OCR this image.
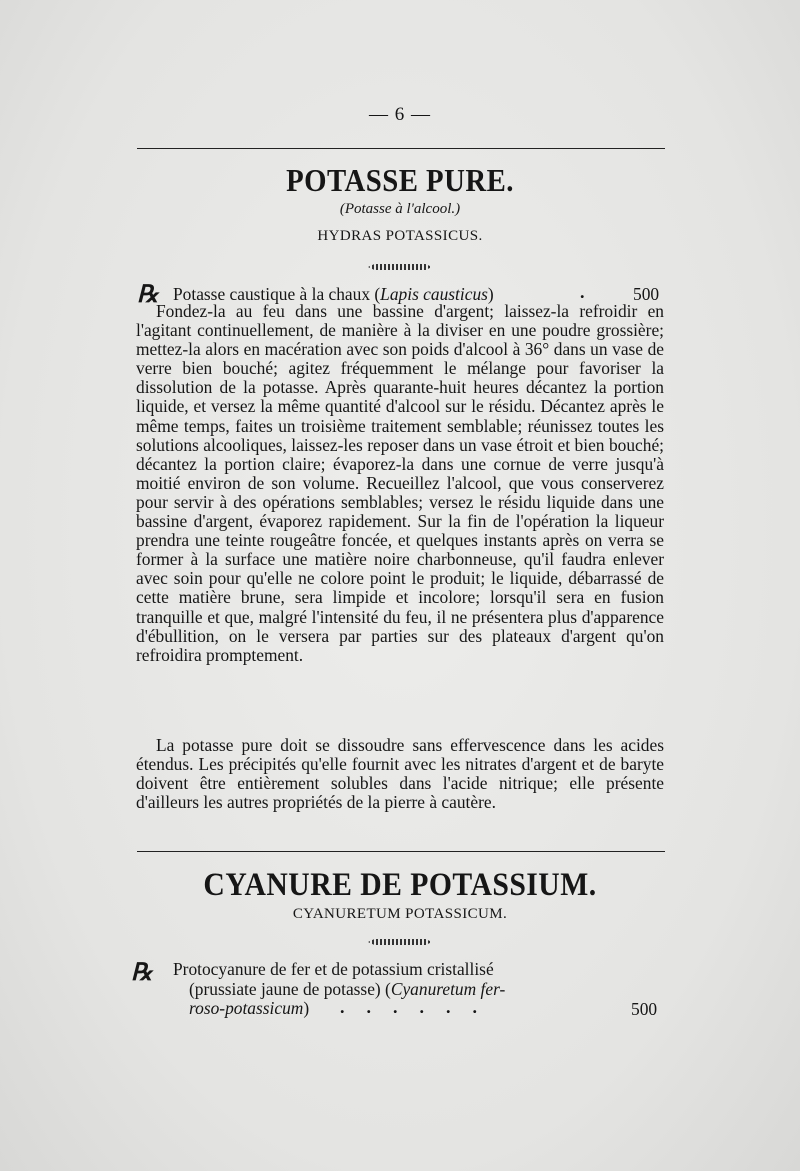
— 6 —
POTASSE PURE.
(Potasse à l'alcool.)
HYDRAS POTASSICUS.
℞ Potasse caustique à la chaux (Lapis causticus)	.	500
Fondez-la au feu dans une bassine d'argent; laissez-la refroidir en l'agitant continuellement, de manière à la diviser en une poudre grossière; mettez-la alors en macération avec son poids d'alcool à 36° dans un vase de verre bien bouché; agitez fréquemment le mélange pour favoriser la dissolution de la potasse. Après quarante-huit heures décantez la portion liquide, et versez la même quantité d'alcool sur le résidu. Décantez après le même temps, faites un troisième traitement semblable; réunissez toutes les solutions alcooliques, laissez-les reposer dans un vase étroit et bien bouché; décantez la portion claire; évaporez-la dans une cornue de verre jusqu'à moitié environ de son volume. Recueillez l'alcool, que vous conserverez pour servir à des opérations semblables; versez le résidu liquide dans une bassine d'argent, évaporez rapidement. Sur la fin de l'opération la liqueur prendra une teinte rougeâtre foncée, et quelques instants après on verra se former à la surface une matière noire charbonneuse, qu'il faudra enlever avec soin pour qu'elle ne colore point le produit; le liquide, débarrassé de cette matière brune, sera limpide et incolore; lorsqu'il sera en fusion tranquille et que, malgré l'intensité du feu, il ne présentera plus d'apparence d'ébullition, on le versera par parties sur des plateaux d'argent qu'on refroidira promptement.
La potasse pure doit se dissoudre sans effervescence dans les acides étendus. Les précipités qu'elle fournit avec les nitrates d'argent et de baryte doivent être entièrement solubles dans l'acide nitrique; elle présente d'ailleurs les autres propriétés de la pierre à cautère.
CYANURE DE POTASSIUM.
CYANURETUM POTASSICUM.
℞ Protocyanure de fer et de potassium cristallisé
(prussiate jaune de potasse) (Cyanuretum fer-
roso-potassicum)	......	500
